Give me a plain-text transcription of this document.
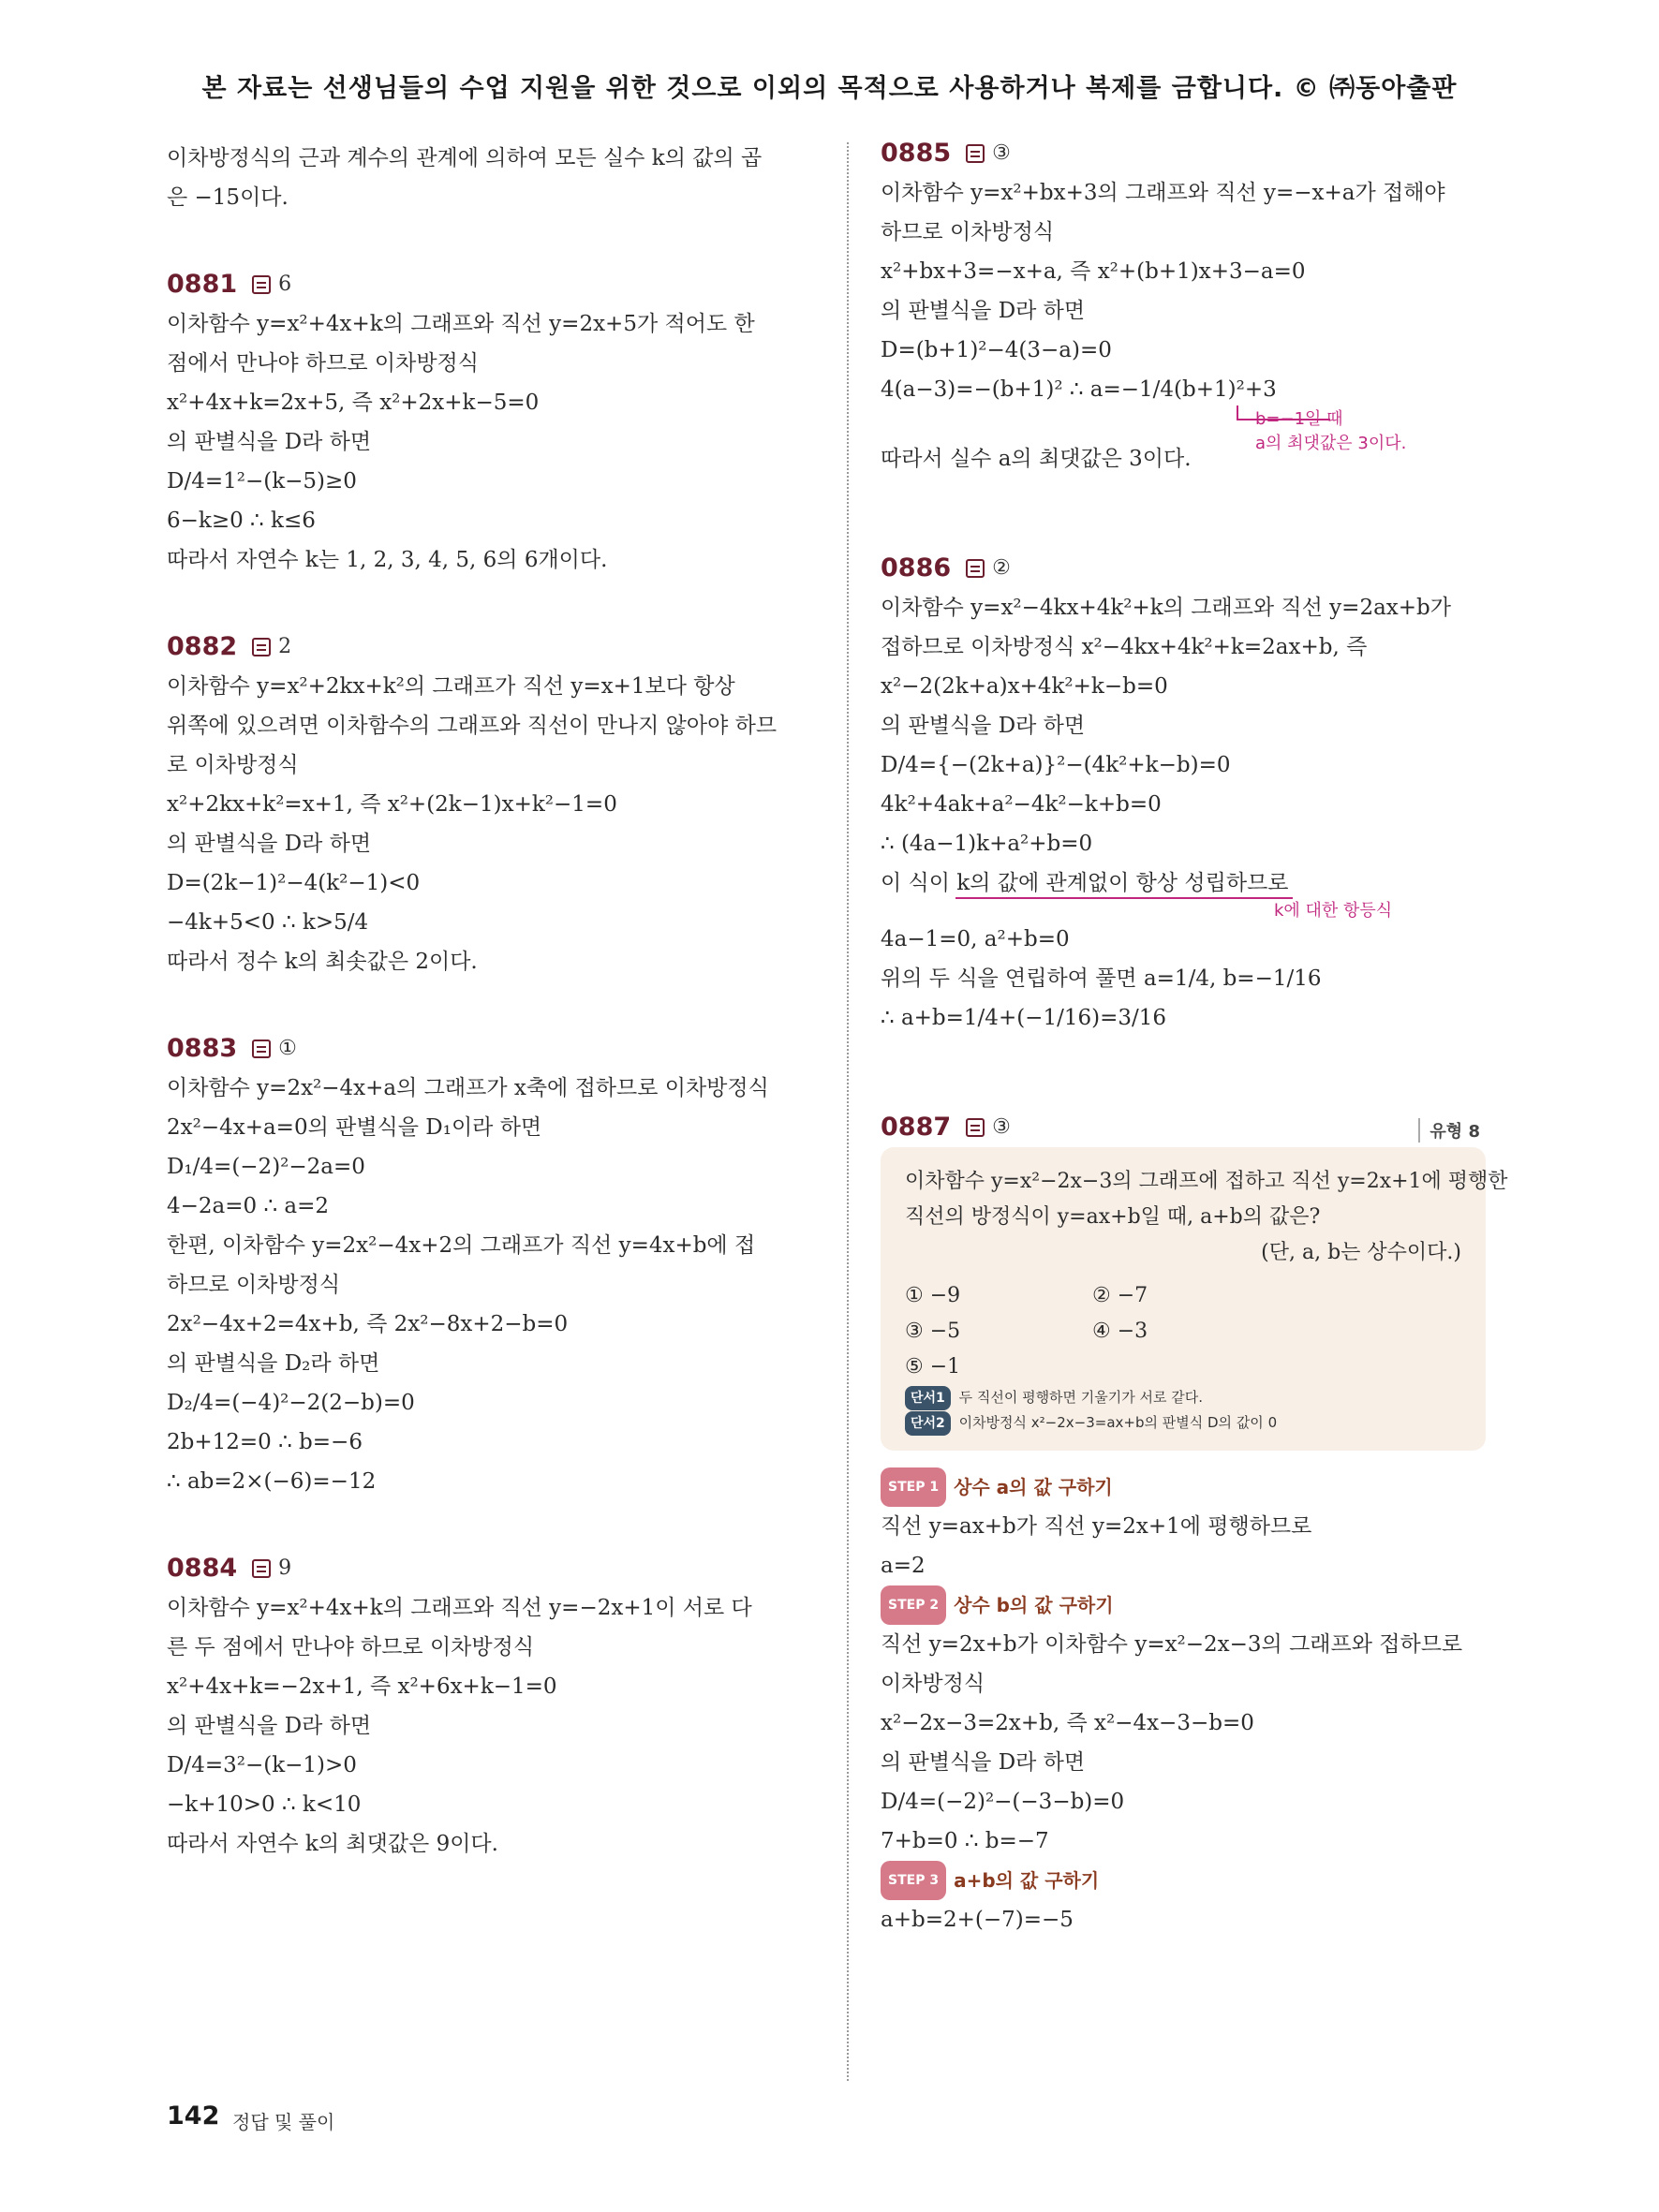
본 자료는 선생님들의 수업 지원을 위한 것으로 이외의 목적으로 사용하거나 복제를 금합니다. © ㈜동아출판
이차방정식의 근과 계수의 관계에 의하여 모든 실수 k의 값의 곱
은 −15이다.
0881 6
이차함수 y=x²+4x+k의 그래프와 직선 y=2x+5가 적어도 한
점에서 만나야 하므로 이차방정식
x²+4x+k=2x+5, 즉 x²+2x+k−5=0
의 판별식을 D라 하면
D/4=1²−(k−5)≥0
6−k≥0 ∴ k≤6
따라서 자연수 k는 1, 2, 3, 4, 5, 6의 6개이다.
0882 2
이차함수 y=x²+2kx+k²의 그래프가 직선 y=x+1보다 항상
위쪽에 있으려면 이차함수의 그래프와 직선이 만나지 않아야 하므
로 이차방정식
x²+2kx+k²=x+1, 즉 x²+(2k−1)x+k²−1=0
의 판별식을 D라 하면
D=(2k−1)²−4(k²−1)<0
−4k+5<0 ∴ k>5/4
따라서 정수 k의 최솟값은 2이다.
0883 ①
이차함수 y=2x²−4x+a의 그래프가 x축에 접하므로 이차방정식
2x²−4x+a=0의 판별식을 D₁이라 하면
D₁/4=(−2)²−2a=0
4−2a=0 ∴ a=2
한편, 이차함수 y=2x²−4x+2의 그래프가 직선 y=4x+b에 접
하므로 이차방정식
2x²−4x+2=4x+b, 즉 2x²−8x+2−b=0
의 판별식을 D₂라 하면
D₂/4=(−4)²−2(2−b)=0
2b+12=0 ∴ b=−6
∴ ab=2×(−6)=−12
0884 9
이차함수 y=x²+4x+k의 그래프와 직선 y=−2x+1이 서로 다
른 두 점에서 만나야 하므로 이차방정식
x²+4x+k=−2x+1, 즉 x²+6x+k−1=0
의 판별식을 D라 하면
D/4=3²−(k−1)>0
−k+10>0 ∴ k<10
따라서 자연수 k의 최댓값은 9이다.
0885 ③
이차함수 y=x²+bx+3의 그래프와 직선 y=−x+a가 접해야
하므로 이차방정식
x²+bx+3=−x+a, 즉 x²+(b+1)x+3−a=0
의 판별식을 D라 하면
D=(b+1)²−4(3−a)=0
4(a−3)=−(b+1)² ∴ a=−1/4(b+1)²+3
따라서 실수 a의 최댓값은 3이다.
b=−1일 때
a의 최댓값은 3이다.
0886 ②
이차함수 y=x²−4kx+4k²+k의 그래프와 직선 y=2ax+b가
접하므로 이차방정식 x²−4kx+4k²+k=2ax+b, 즉
x²−2(2k+a)x+4k²+k−b=0
의 판별식을 D라 하면
D/4={−(2k+a)}²−(4k²+k−b)=0
4k²+4ak+a²−4k²−k+b=0
∴ (4a−1)k+a²+b=0
이 식이 k의 값에 관계없이 항상 성립하므로
k에 대한 항등식
4a−1=0, a²+b=0
위의 두 식을 연립하여 풀면 a=1/4, b=−1/16
∴ a+b=1/4+(−1/16)=3/16
0887 ③	유형 8
이차함수 y=x²−2x−3의 그래프에 접하고 직선 y=2x+1에 평행한
직선의 방정식이 y=ax+b일 때, a+b의 값은?
(단, a, b는 상수이다.)
① −9	② −7
③ −5	④ −3
⑤ −1
단서1 두 직선이 평행하면 기울기가 서로 같다.
단서2 이차방정식 x²−2x−3=ax+b의 판별식 D의 값이 0
STEP 1 상수 a의 값 구하기
직선 y=ax+b가 직선 y=2x+1에 평행하므로
a=2
STEP 2 상수 b의 값 구하기
직선 y=2x+b가 이차함수 y=x²−2x−3의 그래프와 접하므로
이차방정식
x²−2x−3=2x+b, 즉 x²−4x−3−b=0
의 판별식을 D라 하면
D/4=(−2)²−(−3−b)=0
7+b=0 ∴ b=−7
STEP 3 a+b의 값 구하기
a+b=2+(−7)=−5
142 정답 및 풀이
